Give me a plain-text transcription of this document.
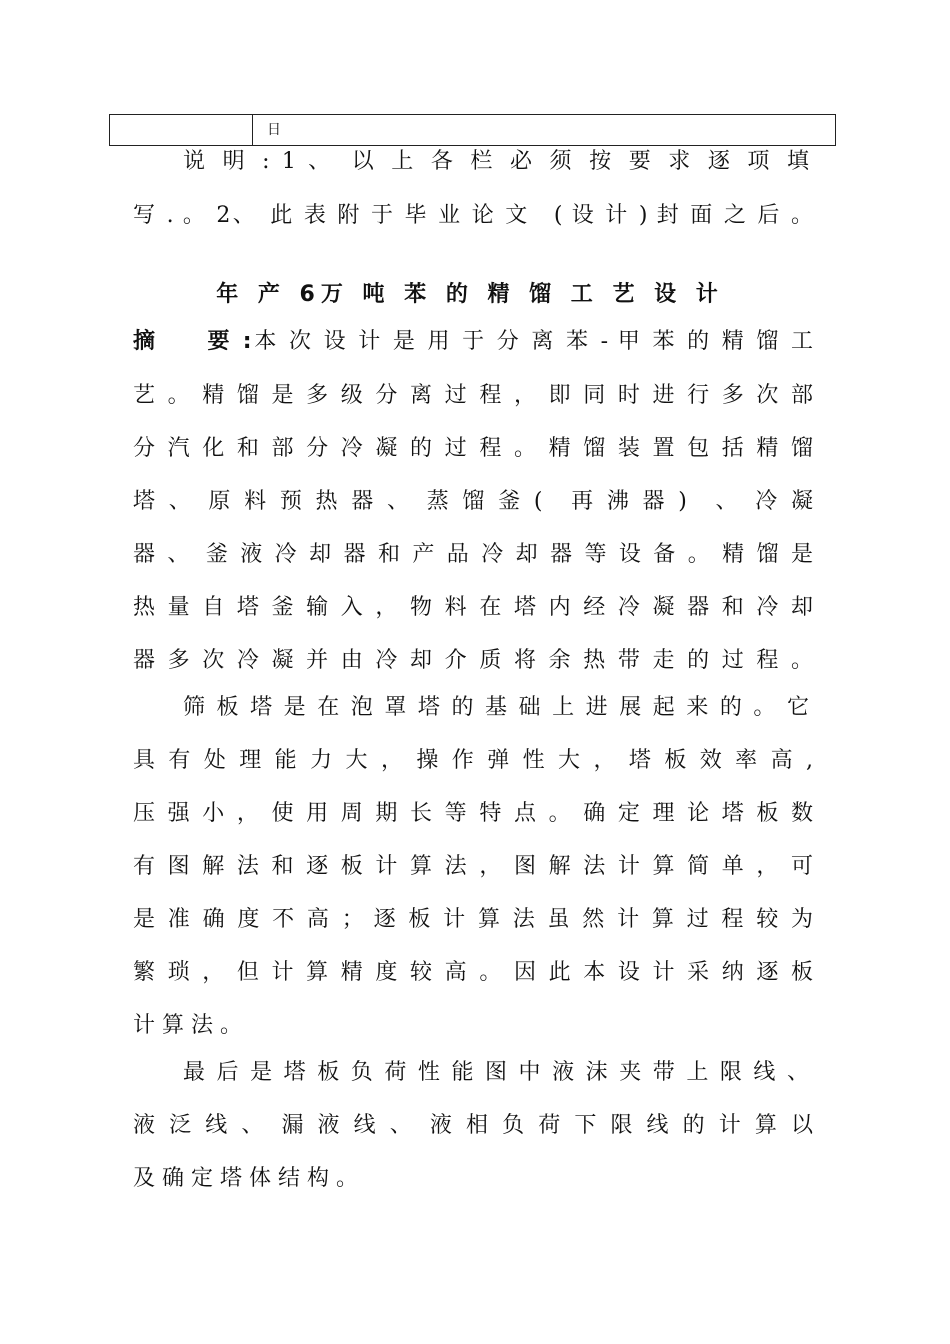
日
说 明 : 1 、　以 上 各 栏 必 须 按 要 求 逐 项 填
写 . 。 2、　此 表 附 于 毕 业 论 文　( 设 计 ) 封 面 之 后 。
年 产 6万 吨 苯 的 精 馏 工 艺 设 计
摘　　要 :本 次 设 计 是 用 于 分 离 苯 - 甲 苯 的 精 馏 工
艺 。 精 馏 是 多 级 分 离 过 程 ， 即 同 时 进 行 多 次 部
分 汽 化 和 部 分 冷 凝 的 过 程 。 精 馏 装 置 包 括 精 馏
塔 、　原 料 预 热 器 、　蒸 馏 釜 (　再 沸 器 )　、　冷 凝
器 、　釜 液 冷 却 器 和 产 品 冷 却 器 等 设 备 。 精 馏 是
热 量 自 塔 釜 输 入 ， 物 料 在 塔 内 经 冷 凝 器 和 冷 却
器 多 次 冷 凝 并 由 冷 却 介 质 将 余 热 带 走 的 过 程 。
筛 板 塔 是 在 泡 罩 塔 的 基 础 上 进 展 起 来 的 。 它
具 有 处 理 能 力 大 ， 操 作 弹 性 大 ， 塔 板 效 率 高 ,
压 强 小 ， 使 用 周 期 长 等 特 点 。 确 定 理 论 塔 板 数
有 图 解 法 和 逐 板 计 算 法 ， 图 解 法 计 算 简 单 ， 可
是 准 确 度 不 高 ； 逐 板 计 算 法 虽 然 计 算 过 程 较 为
繁 琐 ， 但 计 算 精 度 较 高 。 因 此 本 设 计 采 纳 逐 板
计 算 法 。
最 后 是 塔 板 负 荷 性 能 图 中 液 沫 夹 带 上 限 线 、
液 泛 线 、　漏 液 线 、　液 相 负 荷 下 限 线 的 计 算 以
及 确 定 塔 体 结 构 。
